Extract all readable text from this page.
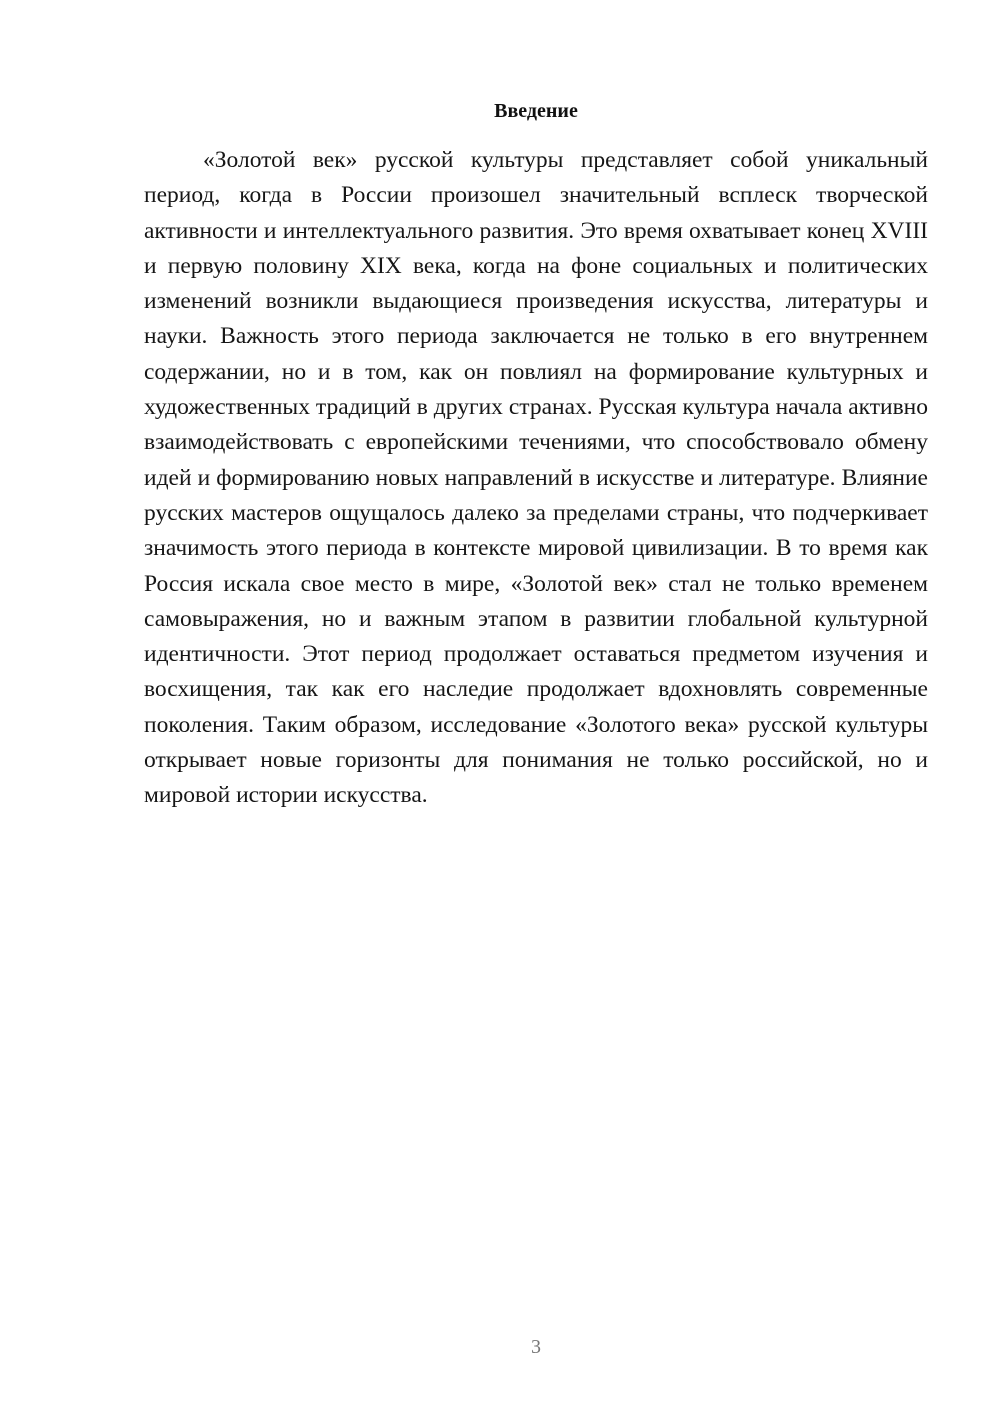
Введение

«Золотой век» русской культуры представляет собой уникальный период, когда в России произошел значительный всплеск творческой активности и интеллектуального развития. Это время охватывает конец XVIII и первую половину XIX века, когда на фоне социальных и политических изменений возникли выдающиеся произведения искусства, литературы и науки. Важность этого периода заключается не только в его внутреннем содержании, но и в том, как он повлиял на формирование культурных и художественных традиций в других странах. Русская культура начала активно взаимодействовать с европейскими течениями, что способствовало обмену идей и формированию новых направлений в искусстве и литературе. Влияние русских мастеров ощущалось далеко за пределами страны, что подчеркивает значимость этого периода в контексте мировой цивилизации. В то время как Россия искала свое место в мире, «Золотой век» стал не только временем самовыражения, но и важным этапом в развитии глобальной культурной идентичности. Этот период продолжает оставаться предметом изучения и восхищения, так как его наследие продолжает вдохновлять современные поколения. Таким образом, исследование «Золотого века» русской культуры открывает новые горизонты для понимания не только российской, но и мировой истории искусства.

3
